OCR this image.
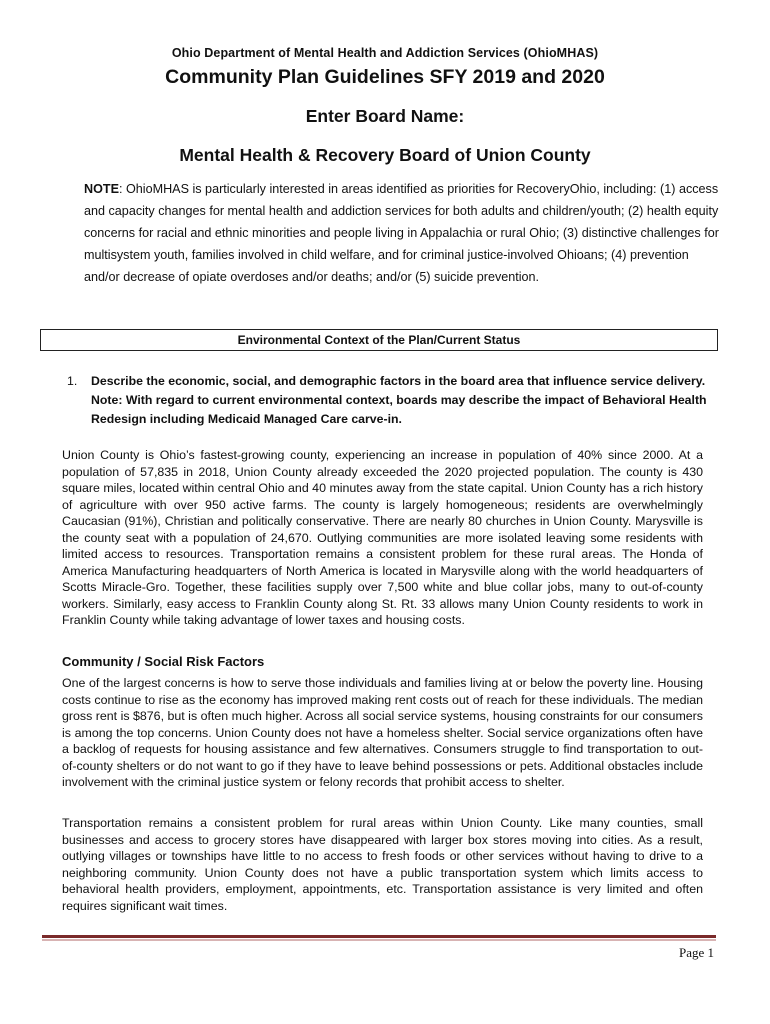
Ohio Department of Mental Health and Addiction Services (OhioMHAS)
Community Plan Guidelines SFY 2019 and 2020
Enter Board Name:
Mental Health & Recovery Board of Union County
NOTE: OhioMHAS is particularly interested in areas identified as priorities for RecoveryOhio, including: (1) access and capacity changes for mental health and addiction services for both adults and children/youth; (2) health equity concerns for racial and ethnic minorities and people living in Appalachia or rural Ohio; (3) distinctive challenges for multisystem youth, families involved in child welfare, and for criminal justice-involved Ohioans; (4) prevention and/or decrease of opiate overdoses and/or deaths; and/or (5) suicide prevention.
Environmental Context of the Plan/Current Status
1. Describe the economic, social, and demographic factors in the board area that influence service delivery. Note: With regard to current environmental context, boards may describe the impact of Behavioral Health Redesign including Medicaid Managed Care carve-in.
Union County is Ohio’s fastest-growing county, experiencing an increase in population of 40% since 2000. At a population of 57,835 in 2018, Union County already exceeded the 2020 projected population. The county is 430 square miles, located within central Ohio and 40 minutes away from the state capital. Union County has a rich history of agriculture with over 950 active farms. The county is largely homogeneous; residents are overwhelmingly Caucasian (91%), Christian and politically conservative. There are nearly 80 churches in Union County. Marysville is the county seat with a population of 24,670. Outlying communities are more isolated leaving some residents with limited access to resources. Transportation remains a consistent problem for these rural areas. The Honda of America Manufacturing headquarters of North America is located in Marysville along with the world headquarters of Scotts Miracle-Gro. Together, these facilities supply over 7,500 white and blue collar jobs, many to out-of-county workers. Similarly, easy access to Franklin County along St. Rt. 33 allows many Union County residents to work in Franklin County while taking advantage of lower taxes and housing costs.
Community / Social Risk Factors
One of the largest concerns is how to serve those individuals and families living at or below the poverty line. Housing costs continue to rise as the economy has improved making rent costs out of reach for these individuals. The median gross rent is $876, but is often much higher. Across all social service systems, housing constraints for our consumers is among the top concerns. Union County does not have a homeless shelter. Social service organizations often have a backlog of requests for housing assistance and few alternatives. Consumers struggle to find transportation to out-of-county shelters or do not want to go if they have to leave behind possessions or pets. Additional obstacles include involvement with the criminal justice system or felony records that prohibit access to shelter.
Transportation remains a consistent problem for rural areas within Union County. Like many counties, small businesses and access to grocery stores have disappeared with larger box stores moving into cities. As a result, outlying villages or townships have little to no access to fresh foods or other services without having to drive to a neighboring community. Union County does not have a public transportation system which limits access to behavioral health providers, employment, appointments, etc. Transportation assistance is very limited and often requires significant wait times.
Page 1
